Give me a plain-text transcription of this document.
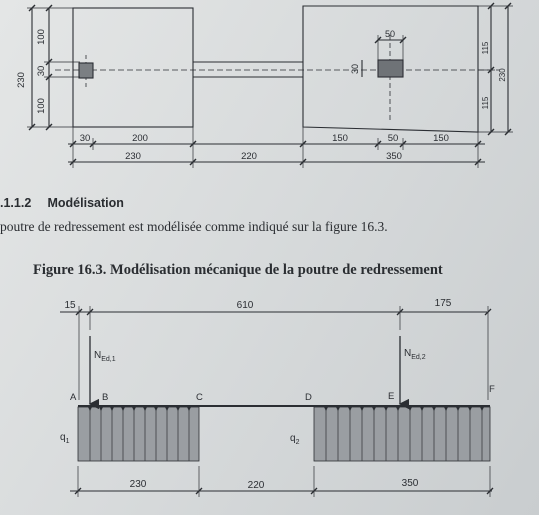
230
100
30
100
50
30
115
115
230
30	200	150	50	150
230	220	350
.1.1.2 Modélisation
poutre de redressement est modélisée comme indiqué sur la figure 16.3.
Figure 16.3. Modélisation mécanique de la poutre de redressement
15	610	175
$N_{Ed,1}$
$N_{Ed,2}$
A	B	C	D	E
F
$q_1$	$q_2$
230	220	350
